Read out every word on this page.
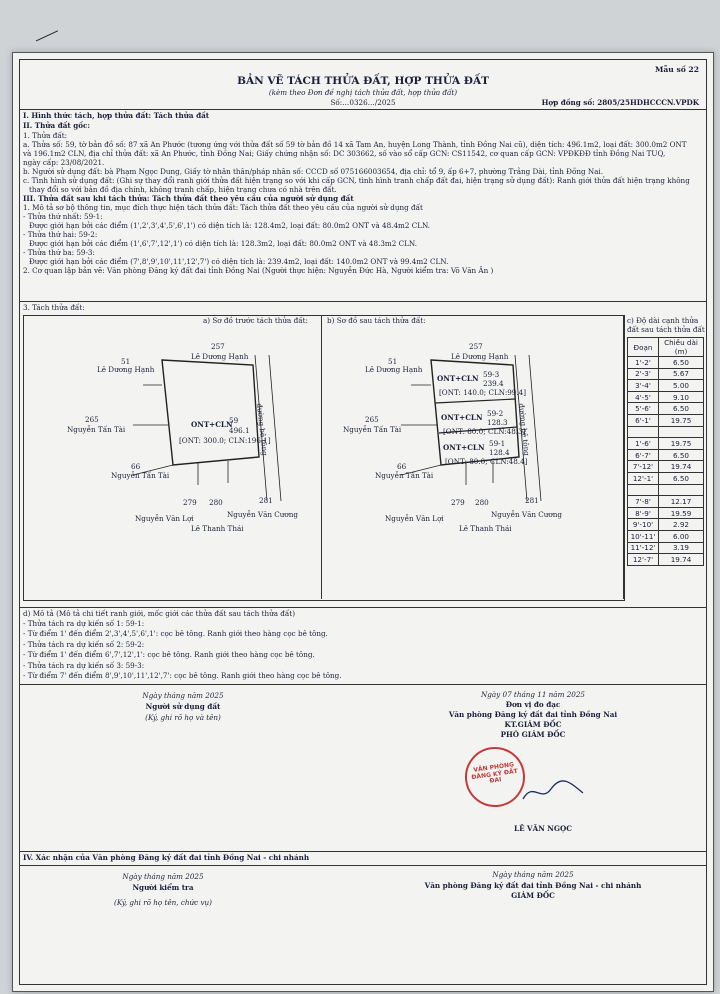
Mẫu số 22
BẢN VẼ TÁCH THỬA ĐẤT, HỢP THỬA ĐẤT
(kèm theo Đơn đề nghị tách thửa đất, hợp thửa đất)
Số:…0326…/2025	Hợp đồng số: 2805/25HDHCCCN.VPDK
I. Hình thức tách, hợp thửa đất: Tách thửa đất
II. Thửa đất gốc:
1. Thửa đất:
a. Thửa số: 59, tờ bản đồ số: 87 xã An Phước (tương ứng với thửa đất số 59 tờ bản đồ 14 xã Tam An, huyện Long Thành, tỉnh Đồng Nai cũ), diện tích: 496.1m2, loại đất: 300.0m2 ONT
và 196.1m2 CLN, địa chỉ thửa đất: xã An Phước, tỉnh Đồng Nai; Giấy chứng nhận số: DC 303662, số vào sổ cấp GCN: CS11542, cơ quan cấp GCN: VPĐKĐĐ tỉnh Đồng Nai TUQ,
ngày cấp: 23/08/2021.
b. Người sử dụng đất: bà Phạm Ngọc Dung, Giấy tờ nhân thân/pháp nhân số: CCCD số 075166003654, địa chỉ: tổ 9, ấp 6+7, phường Trảng Dài, tỉnh Đồng Nai.
c. Tình hình sử dụng đất: (Ghi sự thay đổi ranh giới thửa đất hiện trạng so với khi cấp GCN, tình hình tranh chấp đất đai, hiện trạng sử dụng đất): Ranh giới thửa đất hiện trạng không
thay đổi so với bản đồ địa chính, không tranh chấp, hiện trạng chưa có nhà trên đất.
III. Thửa đất sau khi tách thửa: Tách thửa đất theo yêu cầu của người sử dụng đất
1. Mô tả sơ bộ thông tin, mục đích thực hiện tách thửa đất: Tách thửa đất theo yêu cầu của người sử dụng đất
- Thửa thứ nhất: 59-1:
Được giới hạn bởi các điểm (1',2',3',4',5',6',1') có diện tích là: 128.4m2, loại đất: 80.0m2 ONT và 48.4m2 CLN.
- Thửa thứ hai: 59-2:
Được giới hạn bởi các điểm (1',6',7',12',1') có diện tích là: 128.3m2, loại đất: 80.0m2 ONT và 48.3m2 CLN.
- Thửa thứ ba: 59-3:
Được giới hạn bởi các điểm (7',8',9',10',11',12',7') có diện tích là: 239.4m2, loại đất: 140.0m2 ONT và 99.4m2 CLN.
2. Cơ quan lập bản vẽ: Văn phòng Đăng ký đất đai tỉnh Đồng Nai (Người thực hiện: Nguyễn Đức Hà, Người kiểm tra: Võ Văn Ân )
3. Tách thửa đất:
a) Sơ đồ trước tách thửa đất:	b) Sơ đồ sau tách thửa đất:
257
Lê Dương Hạnh
51
Lê Dương Hạnh
265
Nguyễn Tấn Tài
66
Nguyễn Tấn Tài
ONT+CLN
59
496.1
[ONT: 300.0; CLN:196.1]
đường bê tông
279 280	281
Nguyễn Văn Lợi
Lê Thanh Thái
Nguyễn Văn Cương
257
Lê Dương Hạnh
51
Lê Dương Hạnh
265
Nguyễn Tấn Tài
66
Nguyễn Tấn Tài
ONT+CLN 59-3
239.4
[ONT: 140.0; CLN:99.4]
ONT+CLN 59-2
128.3
[ONT: 80.0; CLN:48.3]
ONT+CLN 59-1
128.4
[ONT: 80.0; CLN:48.4]
đường bê tông
279 280	281
Nguyễn Văn Lợi
Lê Thanh Thái
Nguyễn Văn Cương
c) Độ dài cạnh thửa
đất sau tách thửa đất
Đoạn	Chiều dài (m)
1'-2'	6.50
2'-3'	5.67
3'-4'	5.00
4'-5'	9.10
5'-6'	6.50
6'-1'	19.75

1'-6'	19.75
6'-7'	6.50
7'-12'	19.74
12'-1'	6.50

7'-8'	12.17
8'-9'	19.59
9'-10'	2.92
10'-11'	6.00
11'-12'	3.19
12'-7'	19.74
d) Mô tả (Mô tả chi tiết ranh giới, mốc giới các thửa đất sau tách thửa đất)
- Thửa tách ra dự kiến số 1: 59-1:
- Từ điểm 1' đến điểm 2',3',4',5',6',1': cọc bê tông. Ranh giới theo hàng cọc bê tông.
- Thửa tách ra dự kiến số 2: 59-2:
- Từ điểm 1' đến điểm 6',7',12',1': cọc bê tông. Ranh giới theo hàng cọc bê tông.
- Thửa tách ra dự kiến số 3: 59-3:
- Từ điểm 7' đến điểm 8',9',10',11',12',7': cọc bê tông. Ranh giới theo hàng cọc bê tông.
Ngày tháng năm 2025
Người sử dụng đất
(Ký, ghi rõ họ và tên)
Ngày 07 tháng 11 năm 2025
Đơn vị đo đạc
Văn phòng Đăng ký đất đai tỉnh Đồng Nai
KT.GIÁM ĐỐC
PHÓ GIÁM ĐỐC
VĂN PHÒNG ĐĂNG KÝ ĐẤT ĐAI
LÊ VĂN NGỌC
IV. Xác nhận của Văn phòng Đăng ký đất đai tỉnh Đồng Nai - chi nhánh
Ngày tháng năm 2025
Người kiểm tra
(Ký, ghi rõ họ tên, chức vụ)
Ngày tháng năm 2025
Văn phòng Đăng ký đất đai tỉnh Đồng Nai - chi nhánh
GIÁM ĐỐC
